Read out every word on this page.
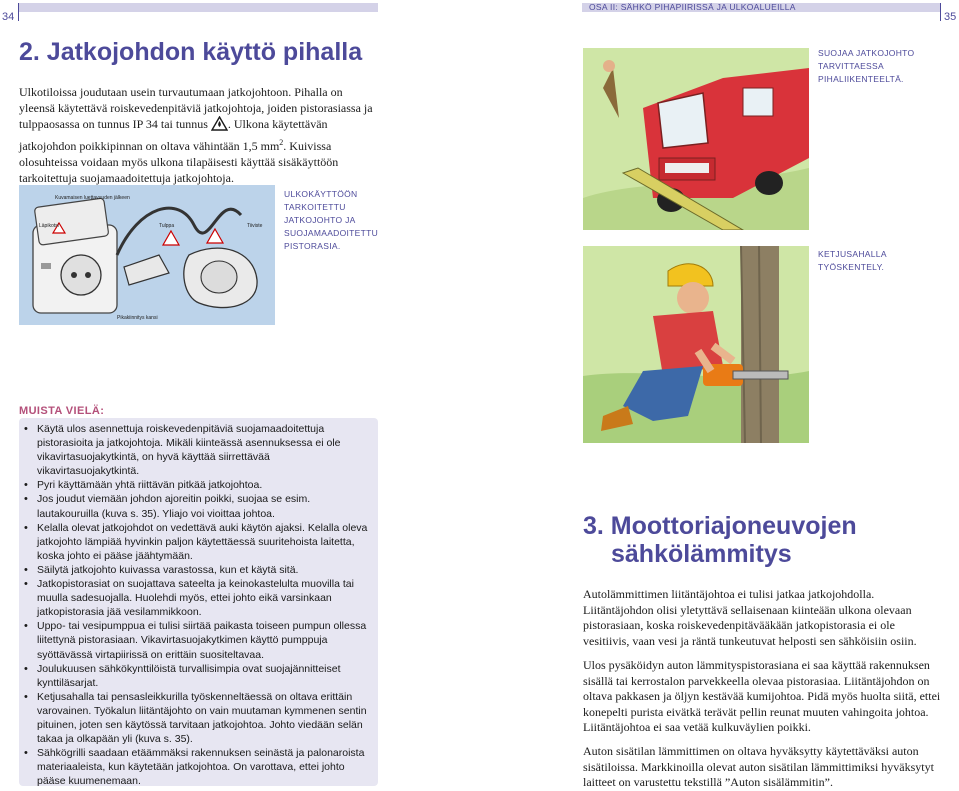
34
OSA II: SÄHKÖ PIHAPIIRISSÄ JA ULKOALUEILLA
35
2. Jatkojohdon käyttö pihalla
Ulkotiloissa joudutaan usein turvautumaan jatkojohtoon. Pihalla on yleensä käytettävä roiskevedenpitäviä jatkojohtoja, joiden pistorasiassa ja tulppaosassa on tunnus IP 34 tai tunnus . Ulkona käytettävän jatkojohdon poikkipinnan on oltava vähintään 1,5 $mm^2$. Kuivissa olosuhteissa voidaan myös ulkona tilapäisesti käyttää sisäkäyttöön tarkoitettuja suojamaadoitettuja jatkojohtoja.
Kuvamaisen luettavuuden jälkeen
Läpikotsi	Tulppa	Tiiviste
Pikakiinnitys kansi
ULKOKÄYTTÖÖN TARKOITETTU JATKOJOHTO JA SUOJAMAADOITETTU PISTORASIA.
MUISTA VIELÄ:
• Käytä ulos asennettuja roiskevedenpitäviä suojamaadoitettuja pistorasioita ja jatkojohtoja. Mikäli kiinteässä asennuksessa ei ole vikavirtasuojakytkintä, on hyvä käyttää siirrettävää vikavirtasuojakytkintä.
• Pyri käyttämään yhtä riittävän pitkää jatkojohtoa.
• Jos joudut viemään johdon ajoreitin poikki, suojaa se esim. lautakouruilla (kuva s. 35). Yliajo voi vioittaa johtoa.
• Kelalla olevat jatkojohdot on vedettävä auki käytön ajaksi. Kelalla oleva jatkojohto lämpiää hyvinkin paljon käytettäessä suuritehoista laitetta, koska johto ei pääse jäähtymään.
• Säilytä jatkojohto kuivassa varastossa, kun et käytä sitä.
• Jatkopistorasiat on suojattava sateelta ja keinokastelulta muovilla tai muulla sadesuojalla. Huolehdi myös, ettei johto eikä varsinkaan jatkopistorasia jää vesilammikkoon.
• Uppo- tai vesipumppua ei tulisi siirtää paikasta toiseen pumpun ollessa liitettynä pistorasiaan. Vikavirtasuojakytkimen käyttö pumppuja syöttävässä virtapiirissä on erittäin suositeltavaa.
• Joulukuusen sähkökynttilöistä turvallisimpia ovat suojajännitteiset kynttiläsarjat.
• Ketjusahalla tai pensasleikkurilla työskenneltäessä on oltava erittäin varovainen. Työkalun liitäntäjohto on vain muutaman kymmenen sentin pituinen, joten sen käytössä tarvitaan jatkojohtoa. Johto viedään selän takaa ja olkapään yli (kuva s. 35).
• Sähkögrilli saadaan etäämmäksi rakennuksen seinästä ja palonaroista materiaaleista, kun käytetään jatkojohtoa. On varottava, ettei johto pääse kuumenemaan.
SUOJAA JATKOJOHTO TARVITTAESSA PIHALIIKENTEELTÄ.
KETJUSAHALLA TYÖSKENTELY.
3. Moottoriajoneuvojen
sähkölämmitys
Autolämmittimen liitäntäjohtoa ei tulisi jatkaa jatkojohdolla. Liitäntäjohdon olisi yletyttävä sellaisenaan kiinteään ulkona olevaan pistorasiaan, koska roiskevedenpitävääkään jatkopistorasia ei ole vesitiivis, vaan vesi ja räntä tunkeutuvat helposti sen sähköisiin osiin.
Ulos pysäköidyn auton lämmityspistorasiana ei saa käyttää rakennuksen sisällä tai kerrostalon parvekkeella olevaa pistorasiaa. Liitäntäjohdon on oltava pakkasen ja öljyn kestävää kumijohtoa. Pidä myös huolta siitä, ettei konepelti purista eivätkä terävät pellin reunat muuten vahingoita johtoa. Liitäntäjohtoa ei saa vetää kulkuväylien poikki.
Auton sisätilan lämmittimen on oltava hyväksytty käytettäväksi auton sisätiloissa. Markkinoilla olevat auton sisätilan lämmittimiksi hyväksytyt laitteet on varustettu tekstillä ”Auton sisälämmitin”.
